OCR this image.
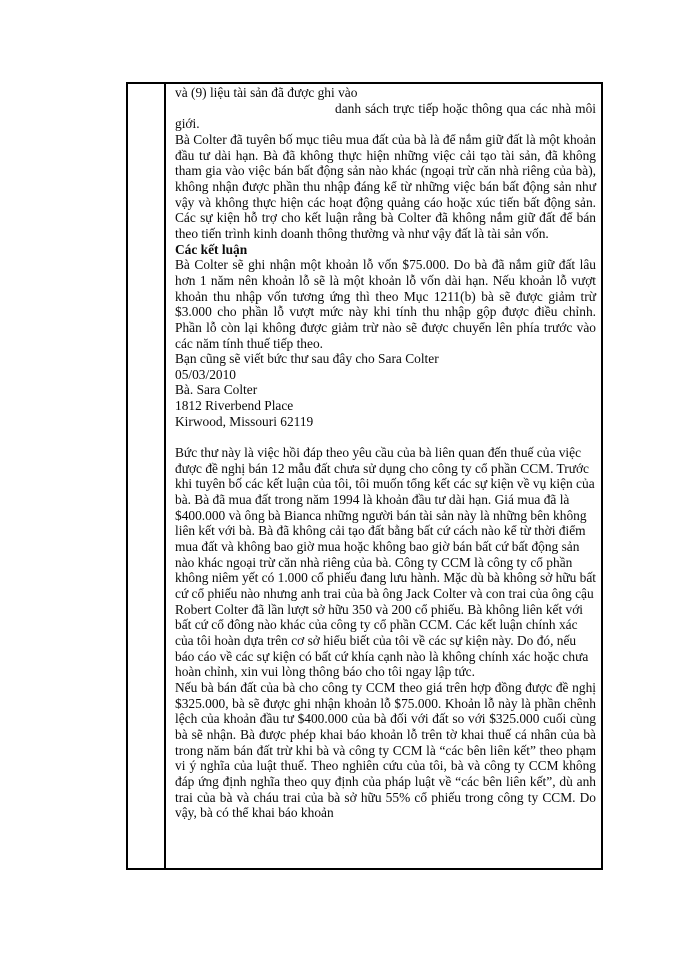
và (9) liệu tài sản đã được ghi vào

danh sách trực tiếp hoặc thông qua các nhà môi giới.

Bà Colter đã tuyên bố mục tiêu mua đất của bà là để nắm giữ đất là một khoản đầu tư dài hạn. Bà đã không thực hiện những việc cải tạo tài sản, đã không tham gia vào việc bán bất động sản nào khác (ngoại trừ căn nhà riêng của bà), không nhận được phần thu nhập đáng kể từ những việc bán bất động sản như vậy và không thực hiện các hoạt động quảng cáo hoặc xúc tiến bất động sản. Các sự kiện hỗ trợ cho kết luận rằng bà Colter đã không nắm giữ đất để bán theo tiến trình kinh doanh thông thường và như vậy đất là tài sản vốn.

Các kết luận

Bà Colter sẽ ghi nhận một khoản lỗ vốn $75.000. Do bà đã nắm giữ đất lâu hơn 1 năm nên khoản lỗ sẽ là một khoản lỗ vốn dài hạn. Nếu khoản lỗ vượt khoản thu nhập vốn tương ứng thì theo Mục 1211(b) bà sẽ được giảm trừ $3.000 cho phần lỗ vượt mức này khi tính thu nhập gộp được điều chỉnh. Phần lỗ còn lại không được giảm trừ nào sẽ được chuyển lên phía trước vào các năm tính thuế tiếp theo.

Bạn cũng sẽ viết bức thư sau đây cho Sara Colter

05/03/2010

Bà. Sara Colter

1812 Riverbend Place

Kirwood, Missouri 62119

Bức thư này là việc hồi đáp theo yêu cầu của bà liên quan đến thuế của việc được đề nghị bán 12 mẫu đất chưa sử dụng cho công ty cổ phần CCM. Trước khi tuyên bố các kết luận của tôi, tôi muốn tổng kết các sự kiện về vụ kiện của bà. Bà đã mua đất trong năm 1994 là khoản đầu tư dài hạn. Giá mua đã là $400.000 và ông bà Bianca những người bán tài sản này là những bên không liên kết với bà. Bà đã không cải tạo đất bằng bất cứ cách nào kể từ thời điểm mua đất và không bao giờ mua hoặc không bao giờ bán bất cứ bất động sản nào khác ngoại trừ căn nhà riêng của bà. Công ty CCM là công ty cổ phần không niêm yết có 1.000 cổ phiếu đang lưu hành. Mặc dù bà không sở hữu bất cứ cổ phiếu nào nhưng anh trai của bà ông Jack Colter và con trai của ông cậu Robert Colter đã lần lượt sở hữu 350 và 200 cổ phiếu. Bà không liên kết với bất cứ cổ đông nào khác của công ty cổ phần CCM. Các kết luận chính xác của tôi hoàn dựa trên cơ sở hiểu biết của tôi về các sự kiện này. Do đó, nếu báo cáo về các sự kiện có bất cứ khía cạnh nào là không chính xác hoặc chưa hoàn chỉnh, xin vui lòng thông báo cho tôi ngay lập tức.

Nếu bà bán đất của bà cho công ty CCM theo giá trên hợp đồng được đề nghị $325.000, bà sẽ được ghi nhận khoản lỗ $75.000. Khoản lỗ này là phần chênh lệch của khoản đầu tư $400.000 của bà đối với đất so với $325.000 cuối cùng bà sẽ nhận. Bà được phép khai báo khoản lỗ trên tờ khai thuế cá nhân của bà trong năm bán đất trừ khi bà và công ty CCM là “các bên liên kết” theo phạm vi ý nghĩa của luật thuế. Theo nghiên cứu của tôi, bà và công ty CCM không đáp ứng định nghĩa theo quy định của pháp luật về “các bên liên kết”, dù anh trai của bà và cháu trai của bà sở hữu 55% cổ phiếu trong công ty CCM. Do vậy, bà có thể khai báo khoản
